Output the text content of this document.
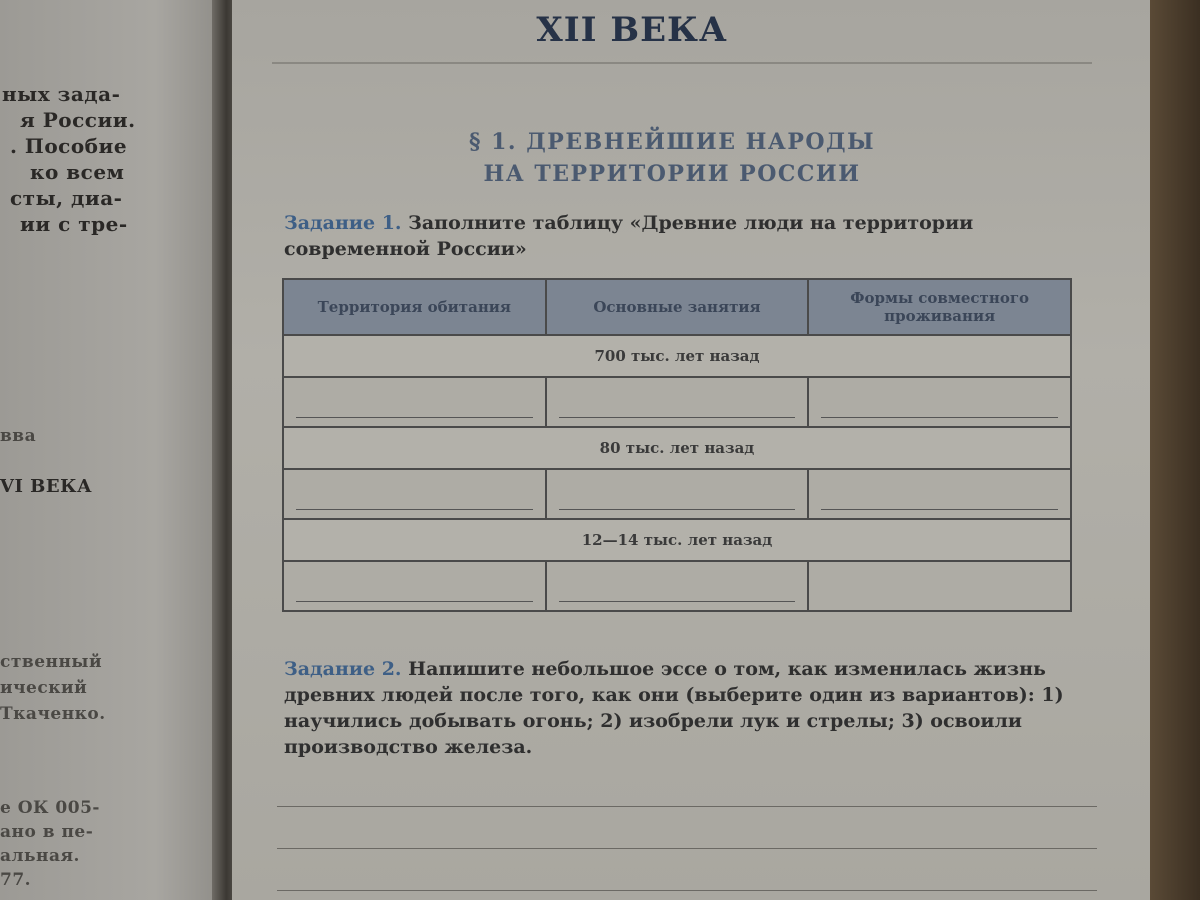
ных зада-
я России.
. Пособие
ко всем
сты, диа-
ии с тре-
вва
VI ВЕКА
ственный
ический
Ткаченко.
е ОК 005-
ано в пе-
альная.
77.
XII ВЕКА
§ 1. ДРЕВНЕЙШИЕ НАРОДЫ
НА ТЕРРИТОРИИ РОССИИ
Задание 1. Заполните таблицу «Древние люди на территории современной России»
Территория обитания	Основные занятия	Формы совместного проживания
700 тыс. лет назад		

80 тыс. лет назад		

12—14 тыс. лет назад		

Задание 2. Напишите небольшое эссе о том, как изменилась жизнь древних людей после того, как они (выберите один из вариантов): 1) научились добывать огонь; 2) изобрели лук и стрелы; 3) освоили производство железа.
